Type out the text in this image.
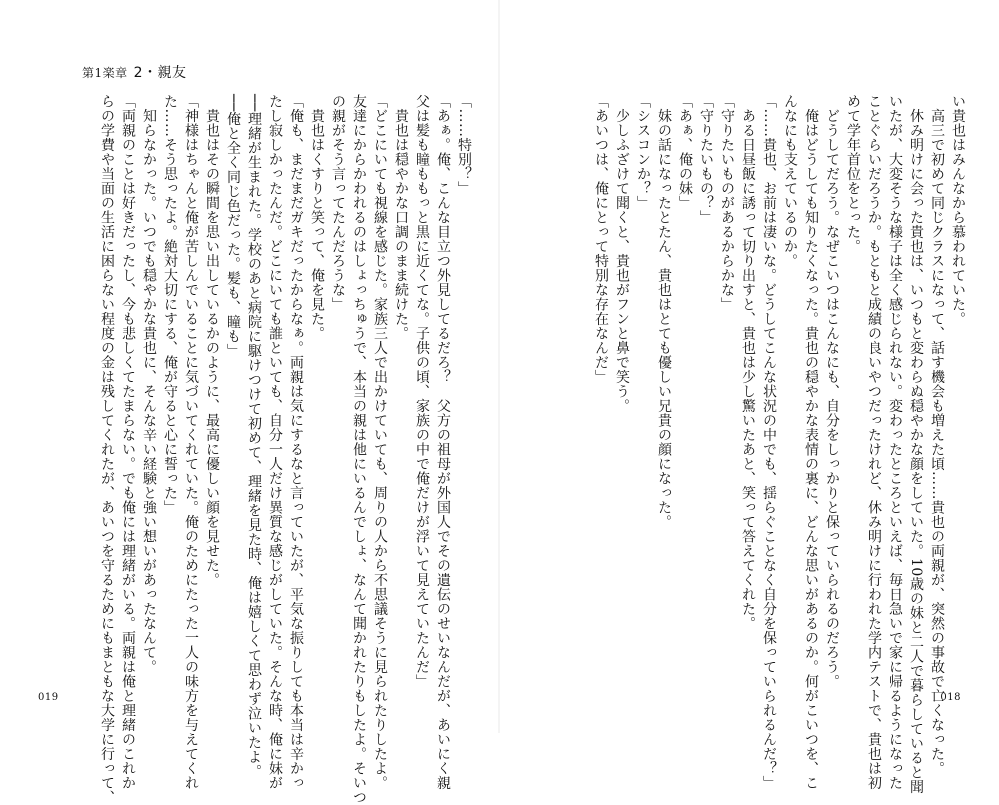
第1楽章 2・親友

「……特別？」

「あぁ。俺、こんな目立つ外見してるだろ？　父方の祖母が外国人でその遺伝のせいなんだが、あいにく親

父は髪も瞳ももっと黒に近くてな。子供の頃、家族の中で俺だけが浮いて見えていたんだ」

　貴也は穏やかな口調のまま続けた。

「どこにいても視線を感じた。家族三人で出かけていても、周りの人から不思議そうに見られたりしたよ。

友達にからかわれるのはしょっちゅうで、本当の親は他にいるんでしょ、なんて聞かれたりもしたよ。そいつ

の親がそう言ってたんだろうな」

　貴也はくすりと笑って、俺を見た。

「俺も、まだまだガキだったからなぁ。両親は気にするなと言っていたが、平気な振りしても本当は辛かっ

たし寂しかったんだ。どこにいても誰といても、自分一人だけ異質な感じがしていた。そんな時、俺に妹が

──理緒が生まれた。学校のあと病院に駆けつけて初めて、理緒を見た時、俺は嬉しくて思わず泣いたよ。

──俺と全く同じ色だった。髪も、瞳も」

　貴也はその瞬間を思い出しているかのように、最高に優しい顔を見せた。

「神様はちゃんと俺が苦しんでいることに気づいてくれていた。俺のためにたった一人の味方を与えてくれ

た……そう思ったよ。絶対大切にする、俺が守ると心に誓った」

　知らなかった。いつでも穏やかな貴也に、そんな辛い経験と強い想いがあったなんて。

「両親のことは好きだったし、今も悲しくてたまらない。でも俺には理緒がいる。両親は俺と理緒のこれか

らの学費や当面の生活に困らない程度の金は残してくれたが、あいつを守るためにもまともな大学に行って、

019

い貴也はみんなから慕われていた。

　高三で初めて同じクラスになって、話す機会も増えた頃……貴也の両親が、突然の事故で亡くなった。

　休み明けに会った貴也は、いつもと変わらぬ穏やかな顔をしていた。10歳の妹と二人で暮らしていると聞

いたが、大変そうな様子は全く感じられない。変わったところといえば、毎日急いで家に帰るようになった

ことぐらいだろうか。もともと成績の良いやつだったけれど、休み明けに行われた学内テストで、貴也は初

めて学年首位をとった。

　どうしてだろう。なぜこいつはこんなにも、自分をしっかりと保っていられるのだろう。

　俺はどうしても知りたくなった。貴也の穏やかな表情の裏に、どんな思いがあるのか。何がこいつを、こ

んなにも支えているのか。

「……貴也、お前は凄いな。どうしてこんな状況の中でも、揺らぐことなく自分を保っていられるんだ？」

　ある日昼飯に誘って切り出すと、貴也は少し驚いたあと、笑って答えてくれた。

「守りたいものがあるからかな」

「守りたいもの？」

「あぁ、俺の妹」

　妹の話になったとたん、貴也はとても優しい兄貴の顔になった。

「シスコンか？」

　少しふざけて聞くと、貴也がフンと鼻で笑う。

「あいつは、俺にとって特別な存在なんだ」

018
